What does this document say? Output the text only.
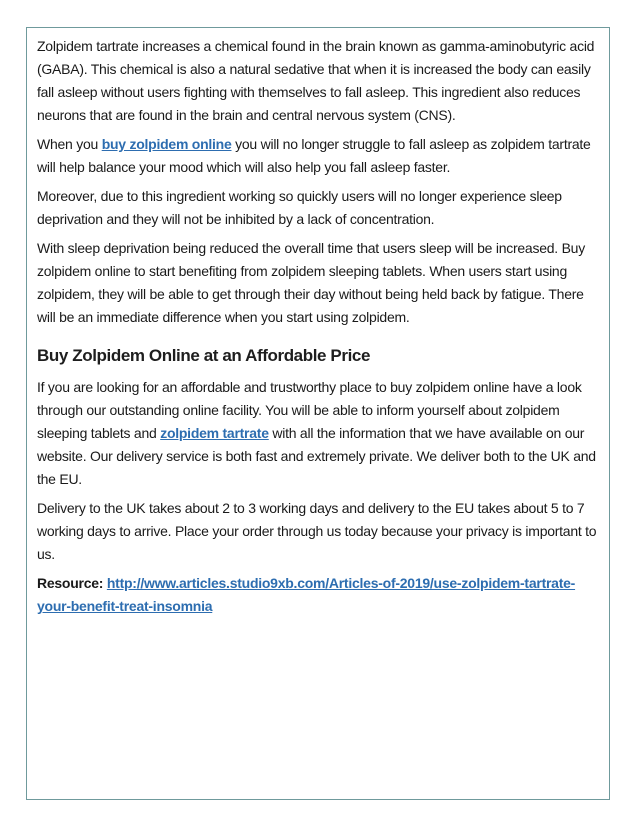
Zolpidem tartrate increases a chemical found in the brain known as gamma-aminobutyric acid (GABA). This chemical is also a natural sedative that when it is increased the body can easily fall asleep without users fighting with themselves to fall asleep. This ingredient also reduces neurons that are found in the brain and central nervous system (CNS).

When you buy zolpidem online you will no longer struggle to fall asleep as zolpidem tartrate will help balance your mood which will also help you fall asleep faster.

Moreover, due to this ingredient working so quickly users will no longer experience sleep deprivation and they will not be inhibited by a lack of concentration.

With sleep deprivation being reduced the overall time that users sleep will be increased. Buy zolpidem online to start benefiting from zolpidem sleeping tablets. When users start using zolpidem, they will be able to get through their day without being held back by fatigue. There will be an immediate difference when you start using zolpidem.

Buy Zolpidem Online at an Affordable Price

If you are looking for an affordable and trustworthy place to buy zolpidem online have a look through our outstanding online facility. You will be able to inform yourself about zolpidem sleeping tablets and zolpidem tartrate with all the information that we have available on our website. Our delivery service is both fast and extremely private. We deliver both to the UK and the EU.

Delivery to the UK takes about 2 to 3 working days and delivery to the EU takes about 5 to 7 working days to arrive. Place your order through us today because your privacy is important to us.

Resource: http://www.articles.studio9xb.com/Articles-of-2019/use-zolpidem-tartrate-your-benefit-treat-insomnia
